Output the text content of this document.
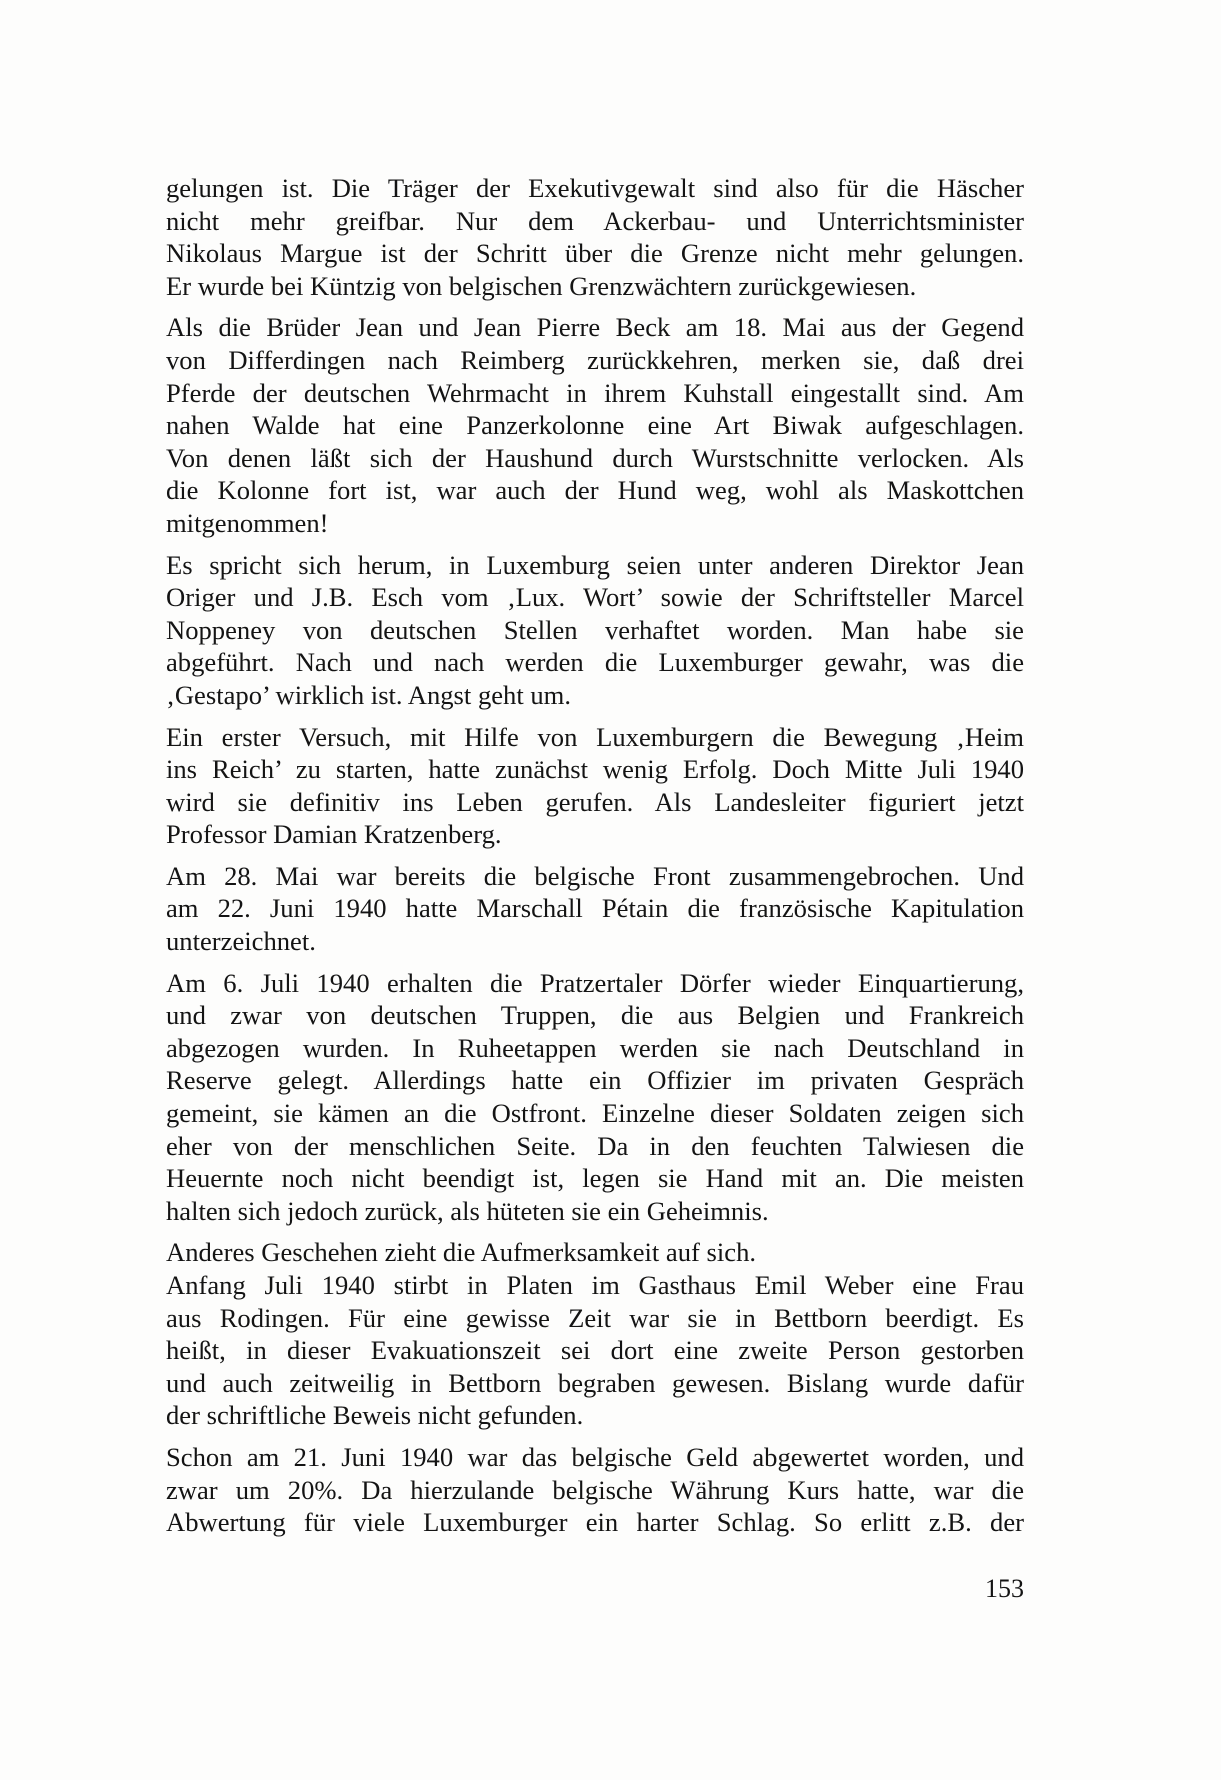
gelungen ist. Die Träger der Exekutivgewalt sind also für die Häscher
nicht mehr greifbar. Nur dem Ackerbau- und Unterrichtsminister
Nikolaus Margue ist der Schritt über die Grenze nicht mehr gelungen.
Er wurde bei Küntzig von belgischen Grenzwächtern zurückgewiesen.
Als die Brüder Jean und Jean Pierre Beck am 18. Mai aus der Gegend
von Differdingen nach Reimberg zurückkehren, merken sie, daß drei
Pferde der deutschen Wehrmacht in ihrem Kuhstall eingestallt sind. Am
nahen Walde hat eine Panzerkolonne eine Art Biwak aufgeschlagen.
Von denen läßt sich der Haushund durch Wurstschnitte verlocken. Als
die Kolonne fort ist, war auch der Hund weg, wohl als Maskottchen
mitgenommen!
Es spricht sich herum, in Luxemburg seien unter anderen Direktor Jean
Origer und J.B. Esch vom ‚Lux. Wort’ sowie der Schriftsteller Marcel
Noppeney von deutschen Stellen verhaftet worden. Man habe sie
abgeführt. Nach und nach werden die Luxemburger gewahr, was die
‚Gestapo’ wirklich ist. Angst geht um.
Ein erster Versuch, mit Hilfe von Luxemburgern die Bewegung ‚Heim
ins Reich’ zu starten, hatte zunächst wenig Erfolg. Doch Mitte Juli 1940
wird sie definitiv ins Leben gerufen. Als Landesleiter figuriert jetzt
Professor Damian Kratzenberg.
Am 28. Mai war bereits die belgische Front zusammengebrochen. Und
am 22. Juni 1940 hatte Marschall Pétain die französische Kapitulation
unterzeichnet.
Am 6. Juli 1940 erhalten die Pratzertaler Dörfer wieder Einquartierung,
und zwar von deutschen Truppen, die aus Belgien und Frankreich
abgezogen wurden. In Ruheetappen werden sie nach Deutschland in
Reserve gelegt. Allerdings hatte ein Offizier im privaten Gespräch
gemeint, sie kämen an die Ostfront. Einzelne dieser Soldaten zeigen sich
eher von der menschlichen Seite. Da in den feuchten Talwiesen die
Heuernte noch nicht beendigt ist, legen sie Hand mit an. Die meisten
halten sich jedoch zurück, als hüteten sie ein Geheimnis.
Anderes Geschehen zieht die Aufmerksamkeit auf sich.
Anfang Juli 1940 stirbt in Platen im Gasthaus Emil Weber eine Frau
aus Rodingen. Für eine gewisse Zeit war sie in Bettborn beerdigt. Es
heißt, in dieser Evakuationszeit sei dort eine zweite Person gestorben
und auch zeitweilig in Bettborn begraben gewesen. Bislang wurde dafür
der schriftliche Beweis nicht gefunden.
Schon am 21. Juni 1940 war das belgische Geld abgewertet worden, und
zwar um 20%. Da hierzulande belgische Währung Kurs hatte, war die
Abwertung für viele Luxemburger ein harter Schlag. So erlitt z.B. der
153
